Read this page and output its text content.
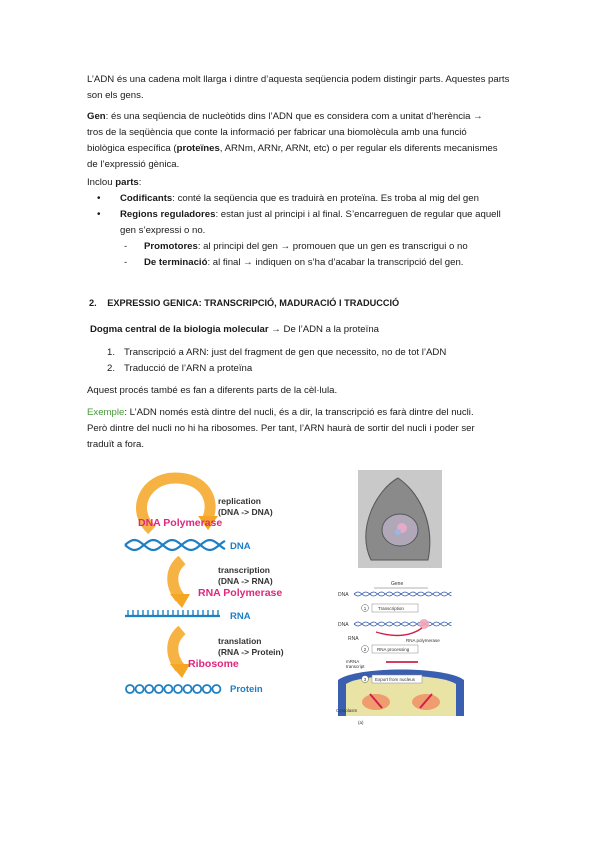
L’ADN és una cadena molt llarga i dintre d’aquesta seqüencia podem distingir parts. Aquestes parts son els gens.

Gen: és una seqüencia de nucleòtids dins l’ADN que es considera com a unitat d’herència →

tros de la seqüència que conte la informació per fabricar una biomolècula amb una funció

biològica específica (proteïnes, ARNm, ARNr, ARNt, etc) o per regular els diferents mecanismes

de l’expressió gènica.

Inclou parts:

• Codificants: conté la seqüencia que es traduirà en proteïna. Es troba al mig del gen
• Regions reguladores: estan just al principi i al final. S’encarreguen de regular que aquell
gen s’expressi o no.
- Promotores: al principi del gen → promouen que un gen es transcrigui o no
- De terminació: al final → indiquen on s’ha d’acabar la transcripció del gen.
2. EXPRESSIO GENICA: TRANSCRIPCIÓ, MADURACIÓ I TRADUCCIÓ

Dogma central de la biologia molecular → De l’ADN a la proteïna

1. Transcripció a ARN: just del fragment de gen que necessito, no de tot l’ADN
2. Traducció de l’ARN a proteïna

Aquest procés també es fan a diferents parts de la cèl·lula.

Exemple: L’ADN només està dintre del nucli, és a dir, la transcripció es farà dintre del nucli.

Però dintre del nucli no hi ha ribosomes. Per tant, l’ARN haurà de sortir del nucli i poder ser

traduït a fora.

replication
(DNA -> DNA)
DNA Polymerase
DNA
transcription
(DNA -> RNA)
RNA Polymerase
RNA
translation
(RNA -> Protein)
Ribosome
Protein
Gene
DNA
1	Transcription
DNA
RNA	RNA polymerase
2 RNA processing
mRNA
transcript
3 Export from nucleus
Cytoplasm
(a)
